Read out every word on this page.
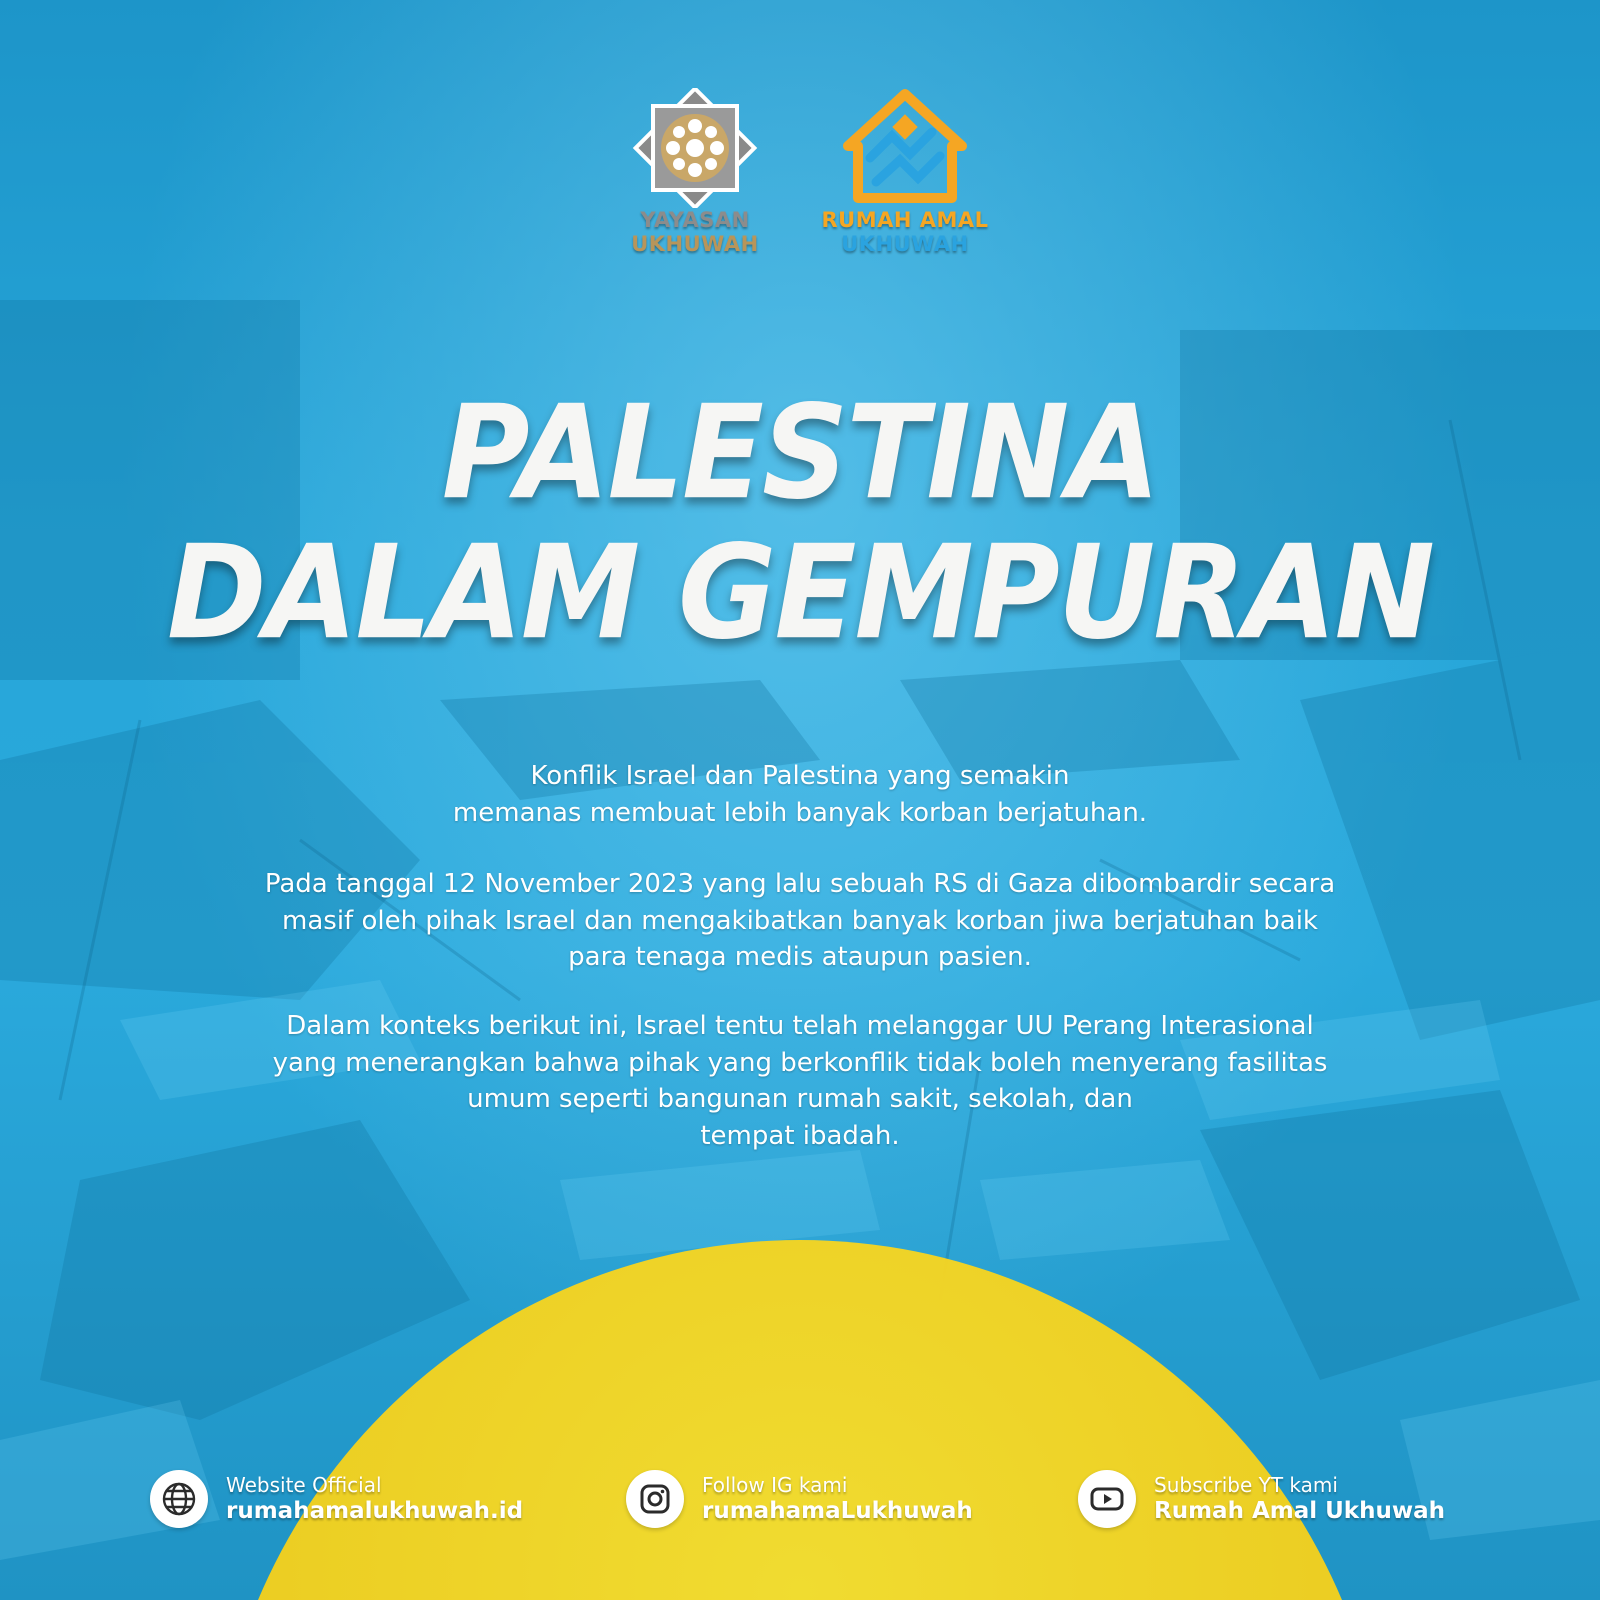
YAYASAN
UKHUWAH
RUMAH AMAL
UKHUWAH
PALESTINA
DALAM GEMPURAN

Konflik Israel dan Palestina yang semakin
memanas membuat lebih banyak korban berjatuhan.

Pada tanggal 12 November 2023 yang lalu sebuah RS di Gaza dibombardir secara
masif oleh pihak Israel dan mengakibatkan banyak korban jiwa berjatuhan baik
para tenaga medis ataupun pasien.

Dalam konteks berikut ini, Israel tentu telah melanggar UU Perang Interasional
yang menerangkan bahwa pihak yang berkonflik tidak boleh menyerang fasilitas
umum seperti bangunan rumah sakit, sekolah, dan
tempat ibadah.

Website Official
rumahamalukhuwah.id
Follow IG kami
rumahamaLukhuwah
Subscribe YT kami
Rumah Amal Ukhuwah
